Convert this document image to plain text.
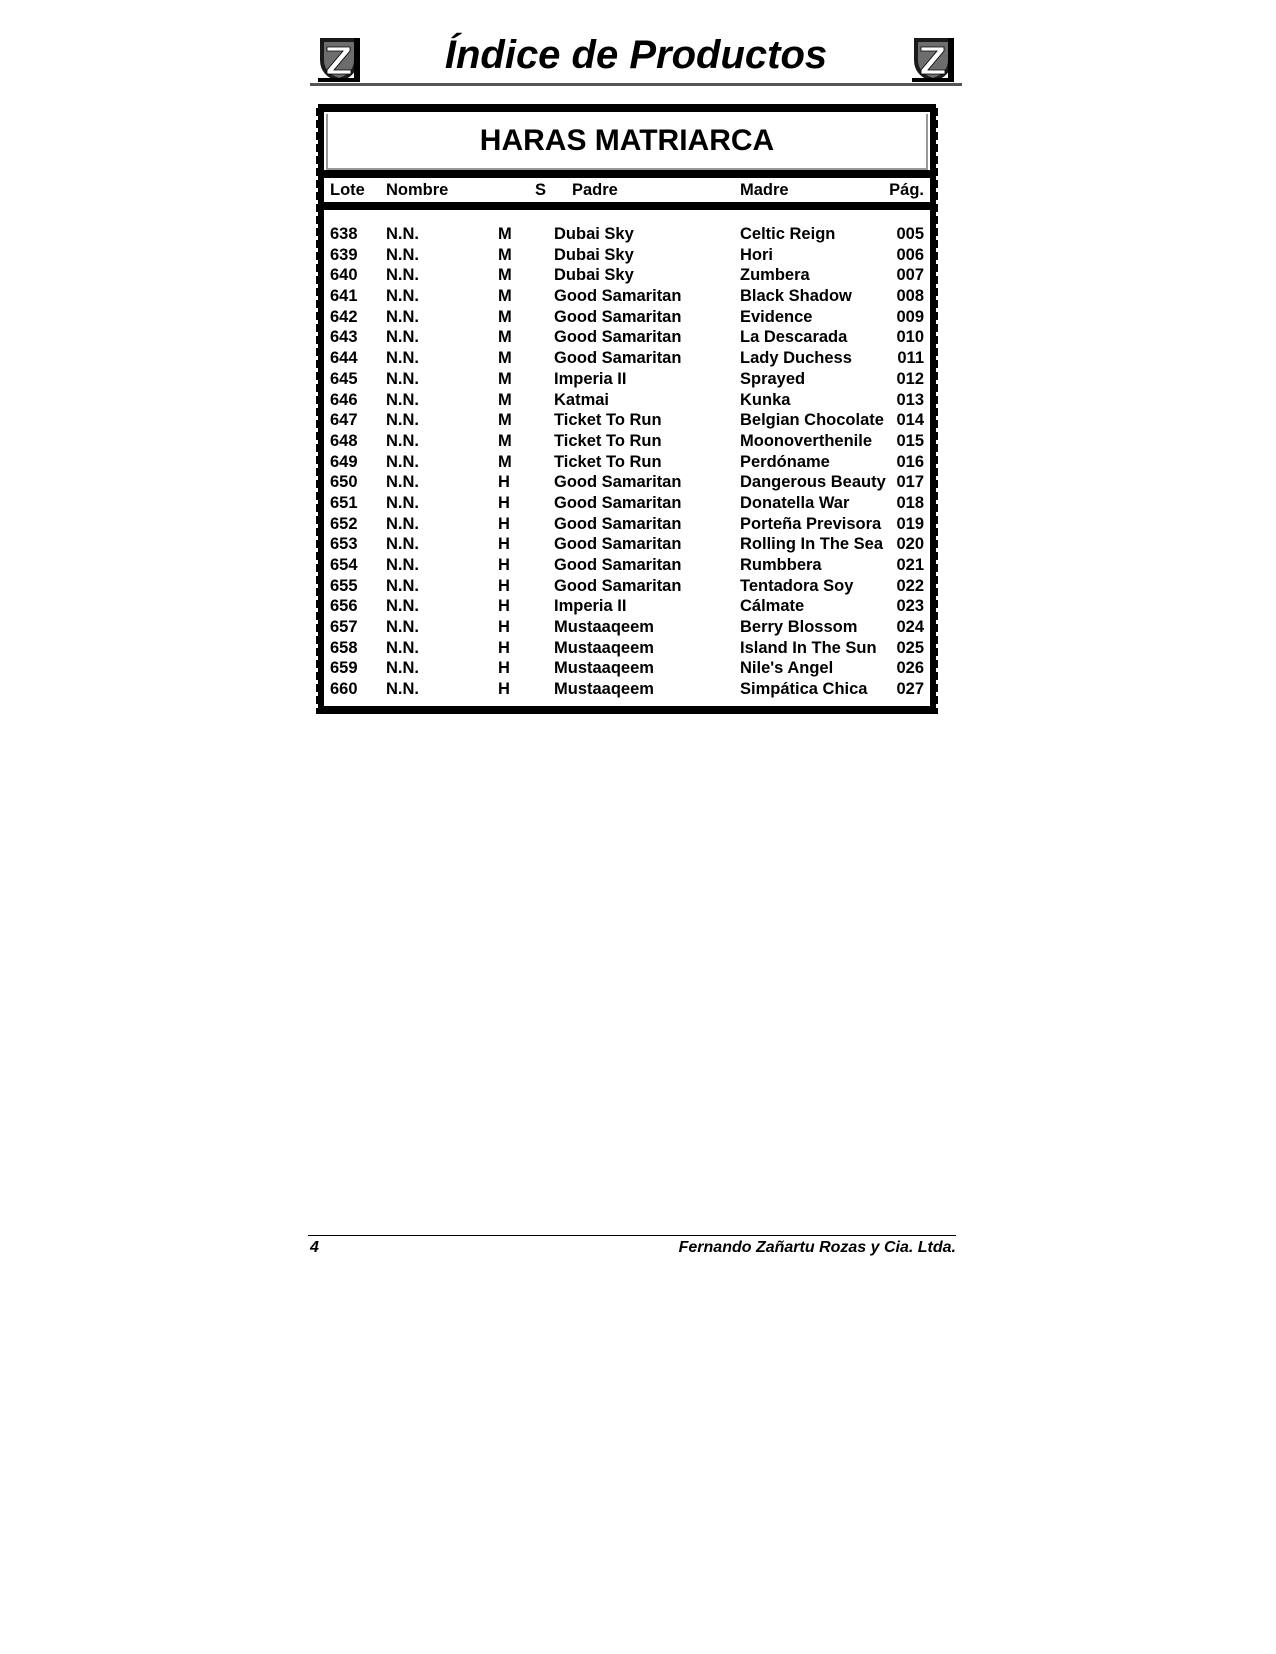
Índice de Productos
HARAS MATRIARCA
Lote Nombre	S Padre	Madre	Pág.
638 N.N.	M	Dubai Sky	Celtic Reign	005
639 N.N.	M	Dubai Sky	Hori	006
640 N.N.	M	Dubai Sky	Zumbera	007
641 N.N.	M	Good Samaritan	Black Shadow	008
642 N.N.	M	Good Samaritan	Evidence	009
643 N.N.	M	Good Samaritan	La Descarada	010
644 N.N.	M	Good Samaritan	Lady Duchess	011
645 N.N.	M	Imperia II	Sprayed	012
646 N.N.	M	Katmai	Kunka	013
647 N.N.	M	Ticket To Run	Belgian Chocolate 014
648 N.N.	M	Ticket To Run	Moonoverthenile 015
649 N.N.	M	Ticket To Run	Perdóname	016
650 N.N.	H	Good Samaritan	Dangerous Beauty 017
651 N.N.	H	Good Samaritan	Donatella War	018
652 N.N.	H	Good Samaritan	Porteña Previsora 019
653 N.N.	H	Good Samaritan	Rolling In The Sea 020
654 N.N.	H	Good Samaritan	Rumbbera	021
655 N.N.	H	Good Samaritan	Tentadora Soy	022
656 N.N.	H	Imperia II	Cálmate	023
657 N.N.	H	Mustaaqeem	Berry Blossom 024
658 N.N.	H	Mustaaqeem	Island In The Sun 025
659 N.N.	H	Mustaaqeem	Nile's Angel	026
660 N.N.	H	Mustaaqeem	Simpática Chica 027
4	Fernando Zañartu Rozas y Cia. Ltda.
